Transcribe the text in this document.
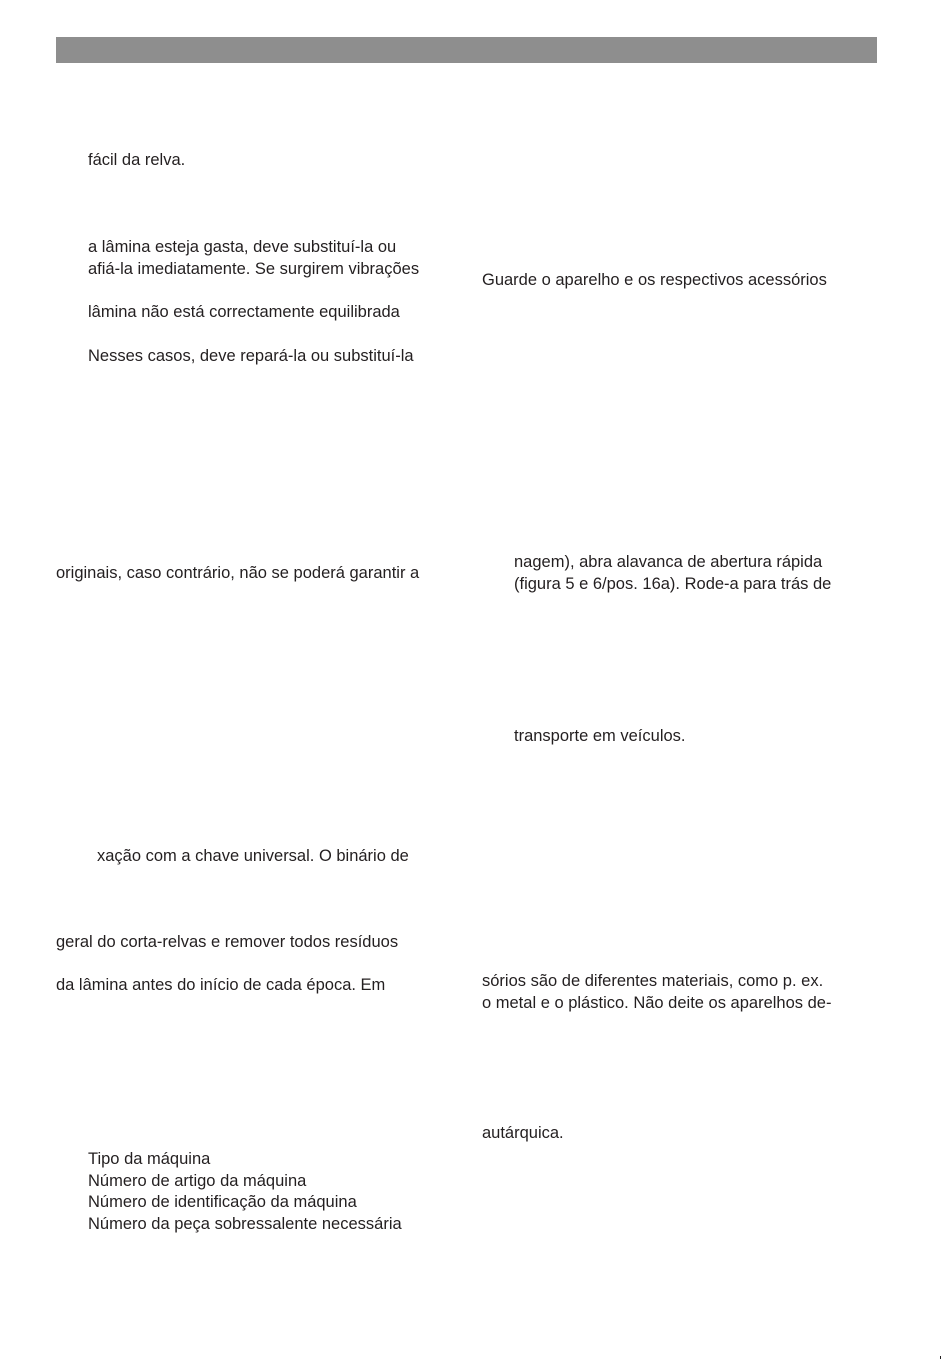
fácil da relva.
a lâmina esteja gasta, deve substituí-la ou
afiá-la imediatamente. Se surgirem vibrações
lâmina não está correctamente equilibrada
Nesses casos, deve repará-la ou substituí-la
originais, caso contrário, não se poderá garantir a
xação com a chave universal. O binário de
geral do corta-relvas e remover todos resíduos
da lâmina antes do início de cada época. Em
Tipo da máquina
Número de artigo da máquina
Número de identificação da máquina
Número da peça sobressalente necessária
Guarde o aparelho e os respectivos acessórios
nagem), abra alavanca de abertura rápida
(figura 5 e 6/pos. 16a). Rode-a para trás de
transporte em veículos.
sórios são de diferentes materiais, como p. ex.
o metal e o plástico. Não deite os aparelhos de-
autárquica.
